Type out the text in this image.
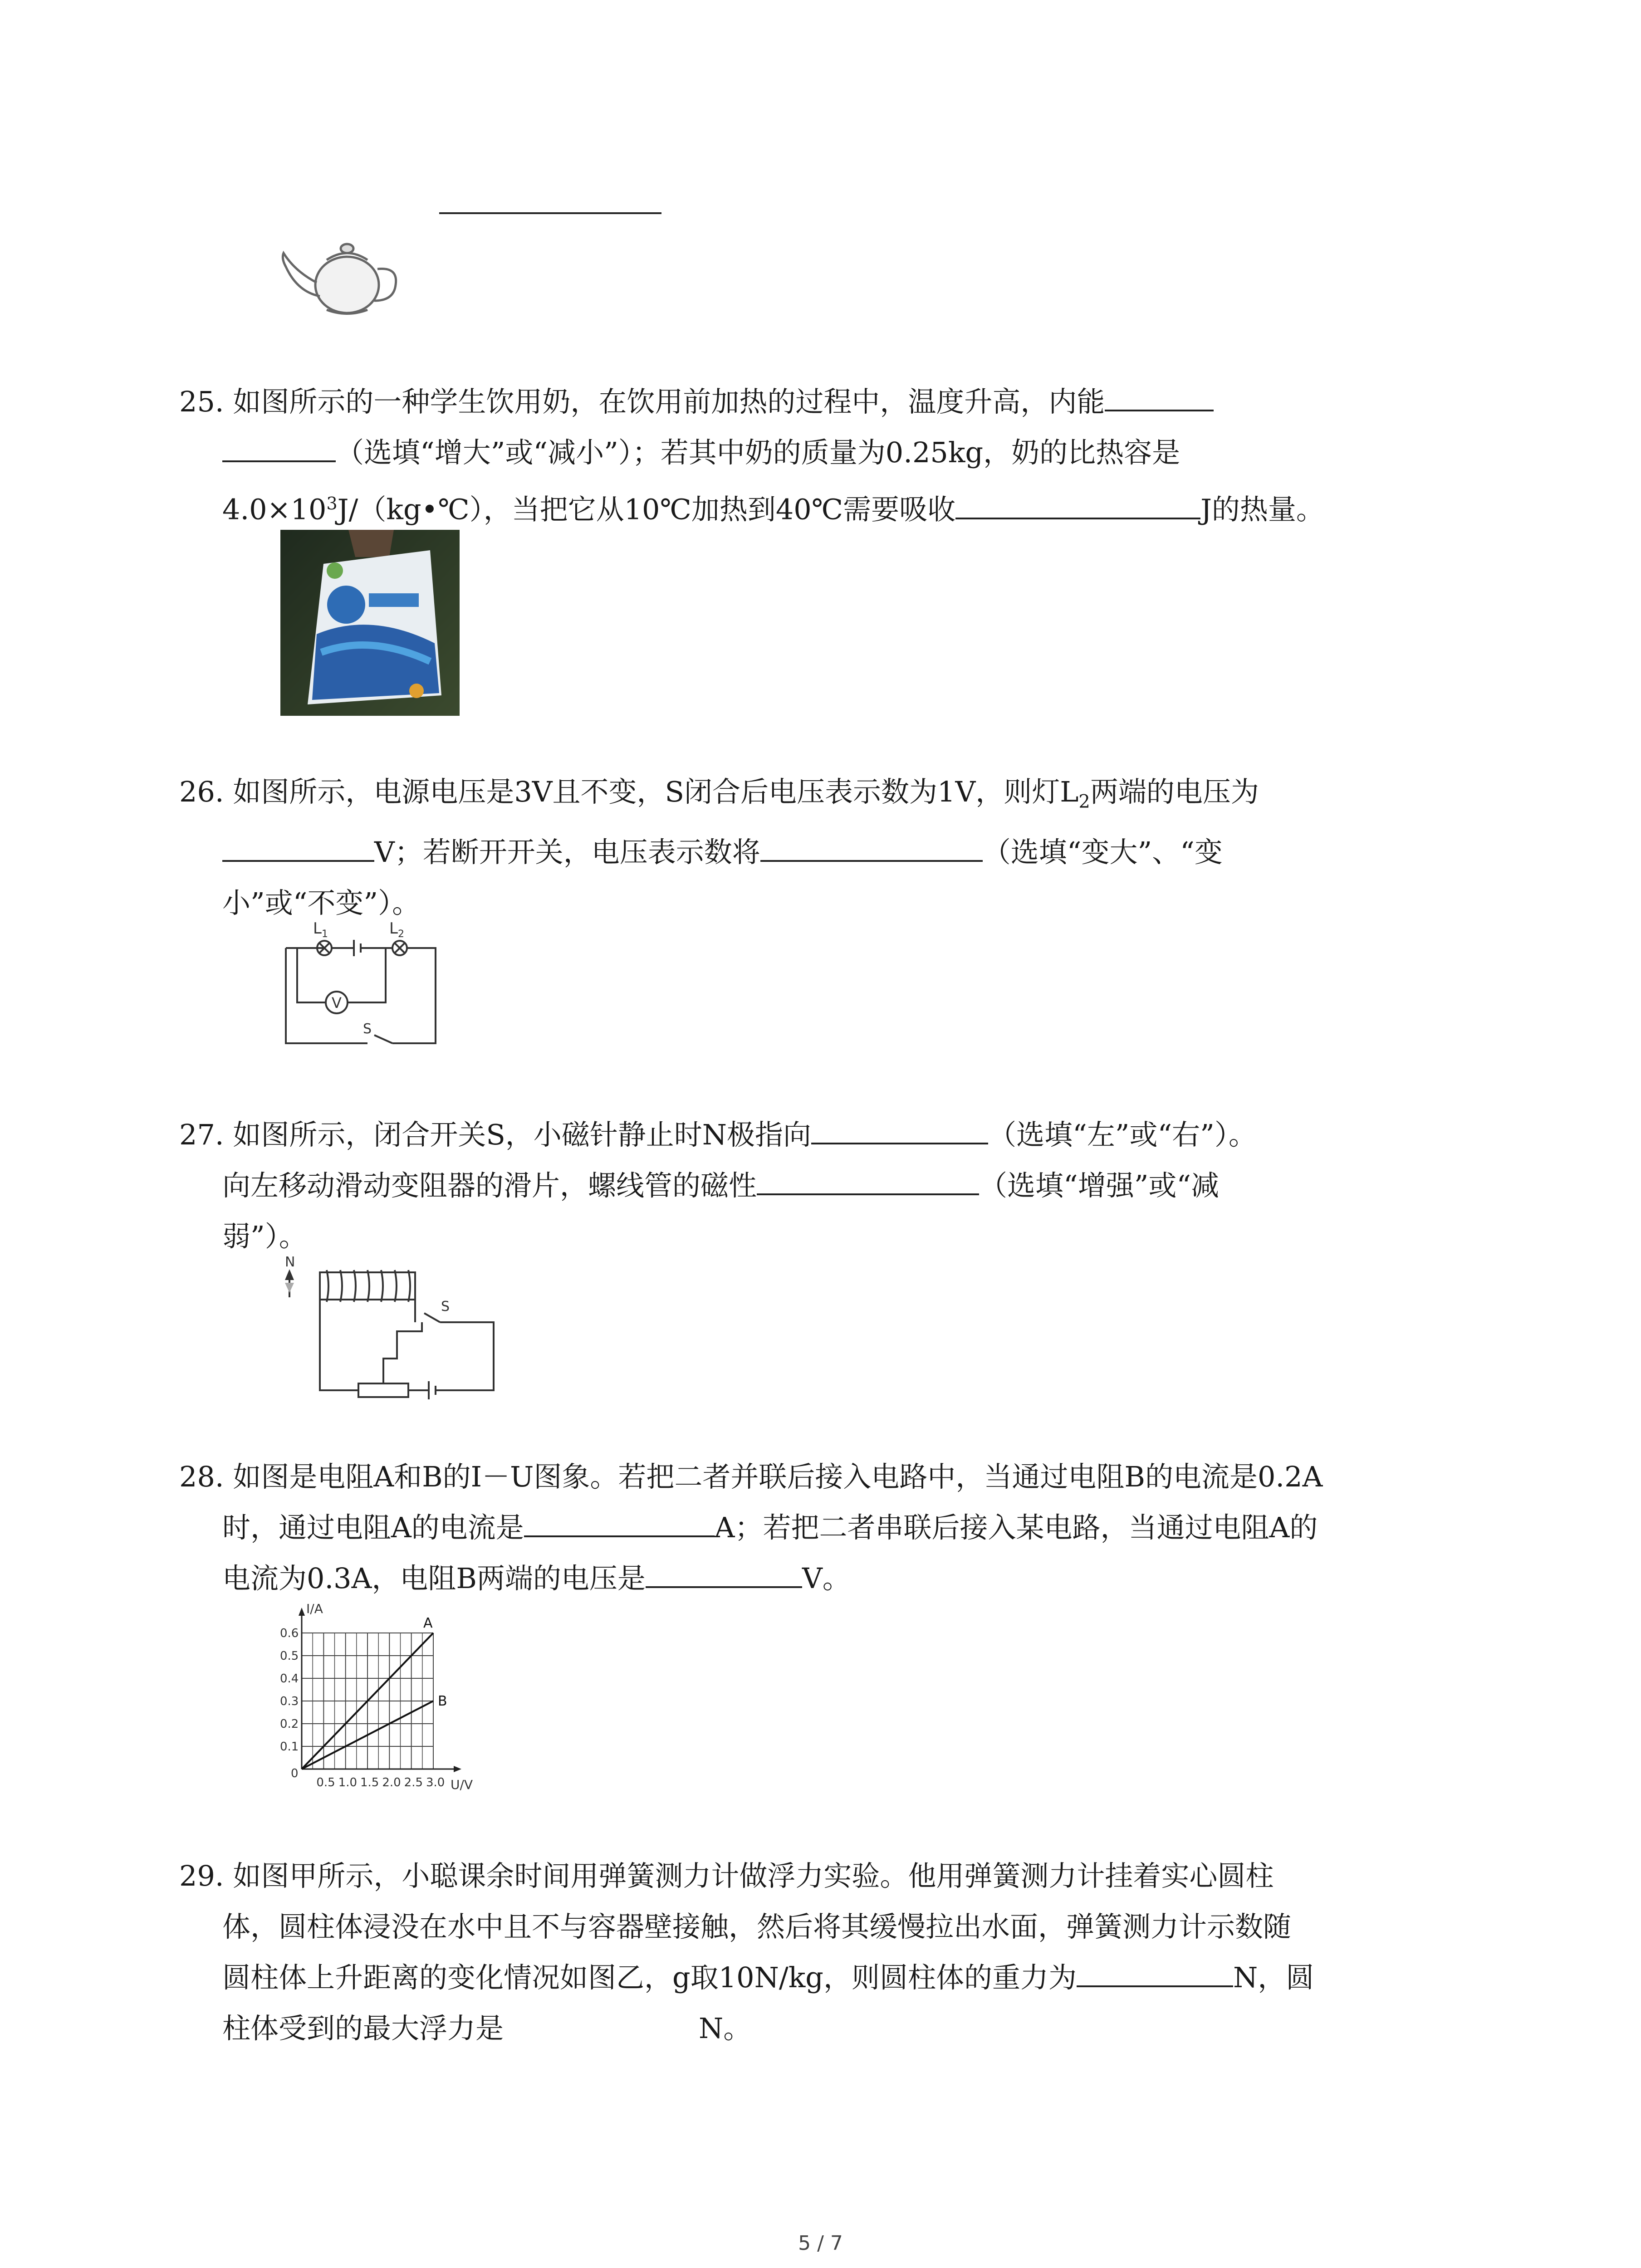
25. 如图所示的一种学生饮用奶，在饮用前加热的过程中，温度升高，内能
（选填“增大”或“减小”）；若其中奶的质量为0.25kg，奶的比热容是
$4.0\times 10^3J/(kg•℃)$，当把它从10℃加热到40℃需要吸收	J的热量。
26. 如图所示，电源电压是3V且不变，S闭合后电压表示数为1V，则灯$L_2$两端的电压为
V；若断开开关，电压表示数将	（选填“变大”、“变
小”或“不变”）。
$L_1$	$L_2$
V
S
27. 如图所示，闭合开关S，小磁针静止时N极指向	（选填“左”或“右”）。
向左移动滑动变阻器的滑片，螺线管的磁性	（选填“增强”或“减
弱”）。
N
S
28. 如图是电阻A和B的I－U图象。若把二者并联后接入电路中，当通过电阻B的电流是0.2A
时，通过电阻A的电流是	A；若把二者串联后接入某电路，当通过电阻A的
电流为0.3A，电阻B两端的电压是	V。
0.5 1.0 1.5 2.0 2.5 3.0
0.1
0.2
0.3
0.4
0.5
0.6
0
I/A
U/V
A
B
29. 如图甲所示，小聪课余时间用弹簧测力计做浮力实验。他用弹簧测力计挂着实心圆柱
体，圆柱体浸没在水中且不与容器壁接触，然后将其缓慢拉出水面，弹簧测力计示数随
圆柱体上升距离的变化情况如图乙，g取10N/kg，则圆柱体的重力为	N，圆
柱体受到的最大浮力是	N。
5 / 7
